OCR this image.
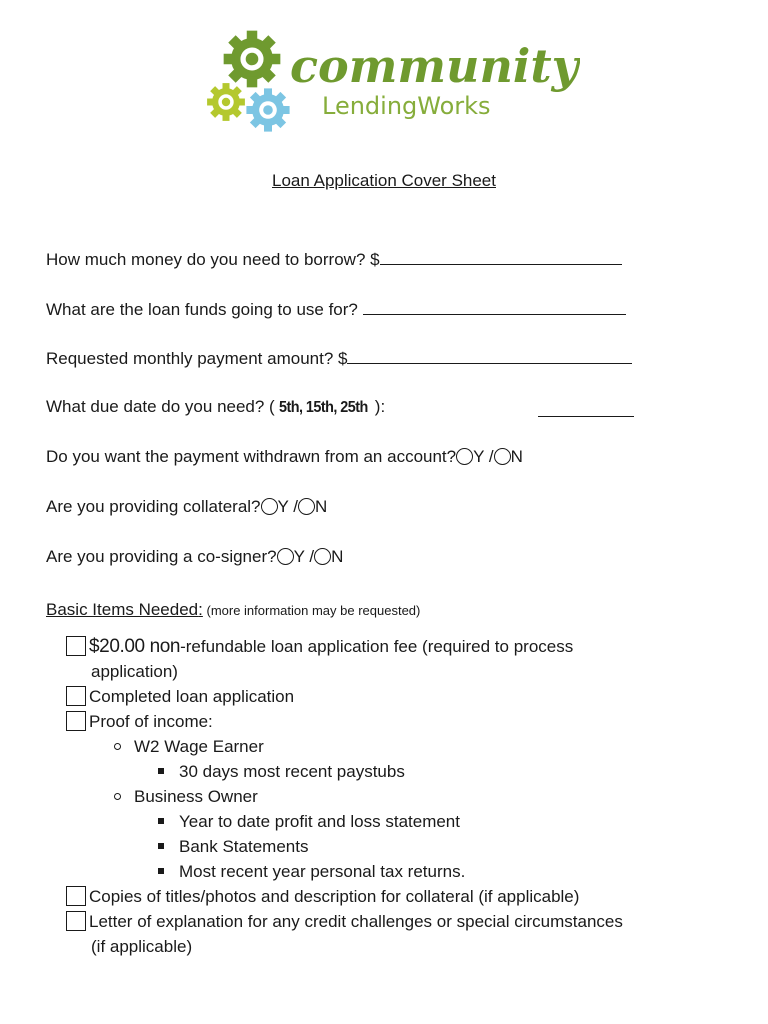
community
LendingWorks
Loan Application Cover Sheet
How much money do you need to borrow? $
What are the loan funds going to use for?
Requested monthly payment amount? $
What due date do you need? ( 5th, 15th, 25th ):
Do you want the payment withdrawn from an account? Y / N
Are you providing collateral? Y / N
Are you providing a co-signer? Y / N
Basic Items Needed: (more information may be requested)
$20.00 non-refundable loan application fee (required to process
application)
Completed loan application
Proof of income:
W2 Wage Earner
30 days most recent paystubs
Business Owner
Year to date profit and loss statement
Bank Statements
Most recent year personal tax returns.
Copies of titles/photos and description for collateral (if applicable)
Letter of explanation for any credit challenges or special circumstances
(if applicable)
